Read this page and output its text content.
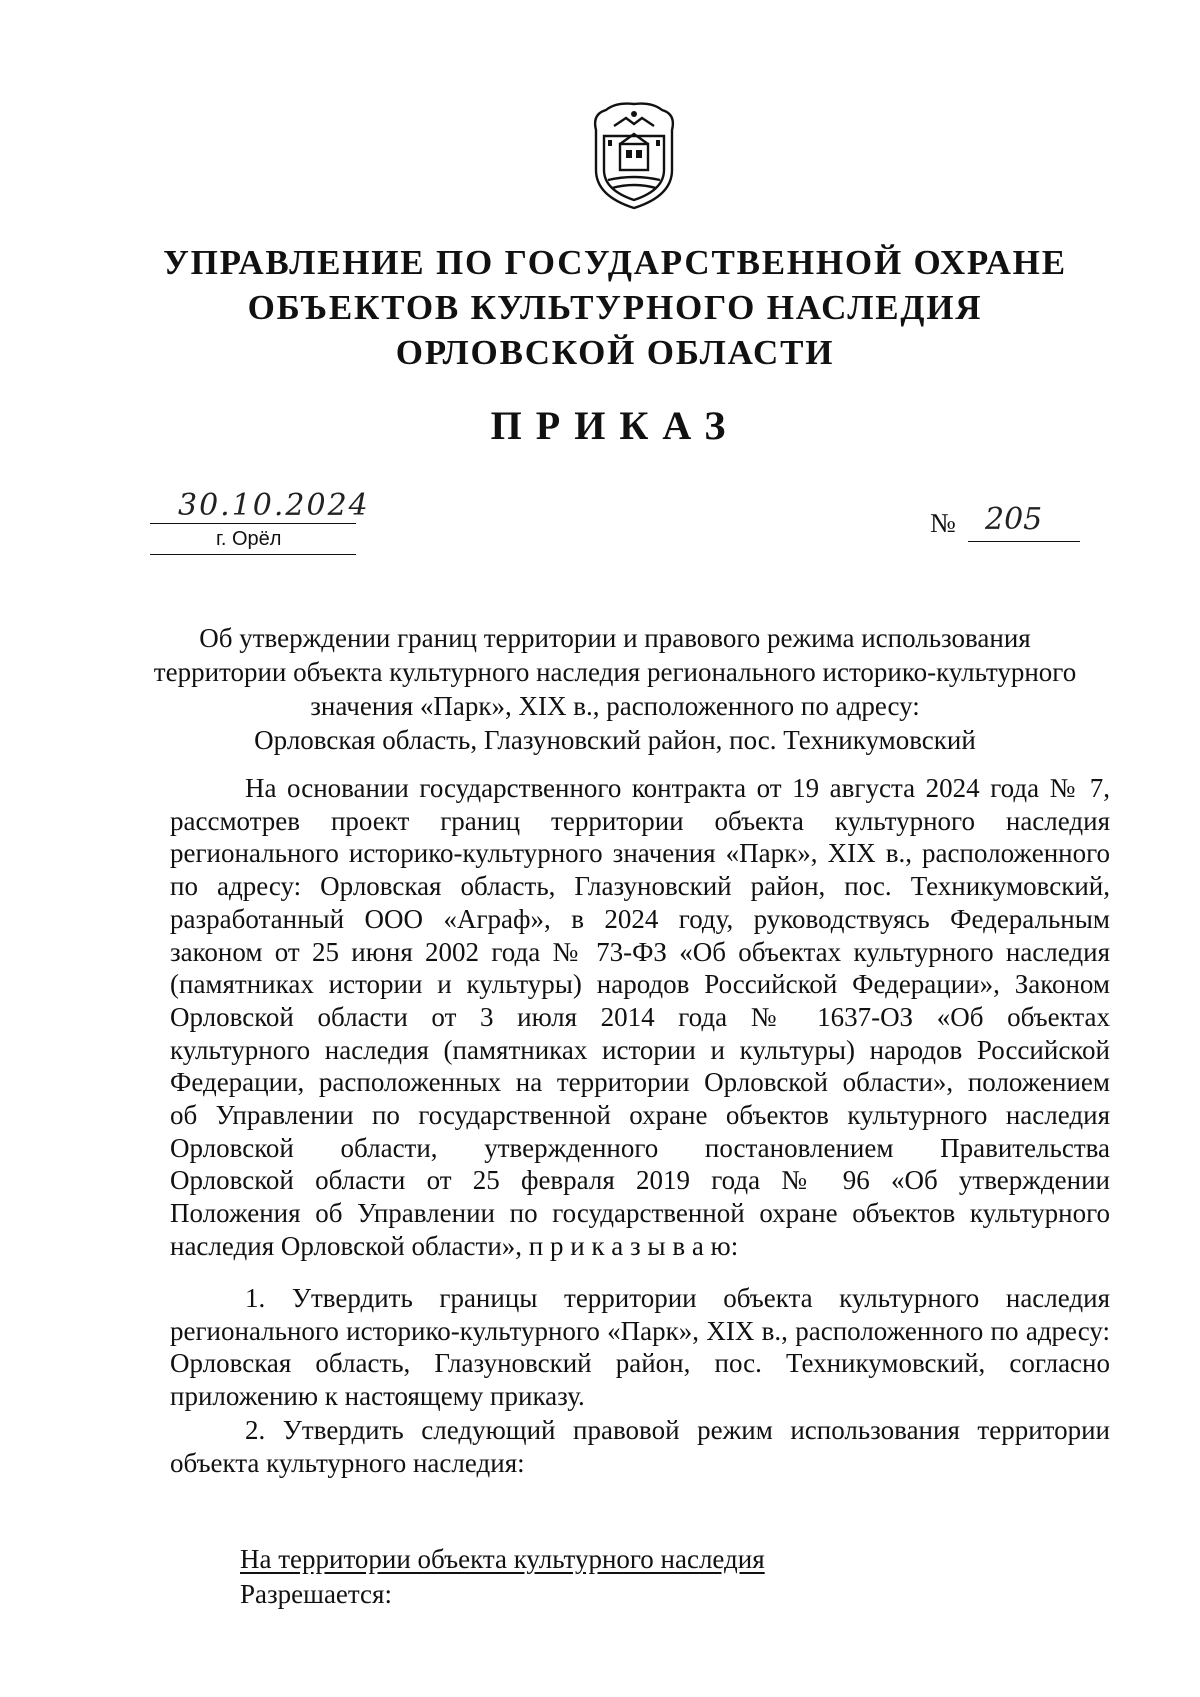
УПРАВЛЕНИЕ ПО ГОСУДАРСТВЕННОЙ ОХРАНЕ
ОБЪЕКТОВ КУЛЬТУРНОГО НАСЛЕДИЯ
ОРЛОВСКОЙ ОБЛАСТИ
ПРИКАЗ
30.10.2024
г. Орёл
№ 205
Об утверждении границ территории и правового режима использования
территории объекта культурного наследия регионального историко-культурного
значения «Парк», XIX в., расположенного по адресу:
Орловская область, Глазуновский район, пос. Техникумовский
На основании государственного контракта от 19 августа 2024 года № 7,
рассмотрев проект границ территории объекта культурного наследия
регионального историко-культурного значения «Парк», XIX в., расположенного
по адресу: Орловская область, Глазуновский район, пос. Техникумовский,
разработанный ООО «Аграф», в 2024 году, руководствуясь Федеральным
законом от 25 июня 2002 года № 73-ФЗ «Об объектах культурного наследия
(памятниках истории и культуры) народов Российской Федерации», Законом
Орловской области от 3 июля 2014 года № 1637-ОЗ «Об объектах
культурного наследия (памятниках истории и культуры) народов Российской
Федерации, расположенных на территории Орловской области», положением
об Управлении по государственной охране объектов культурного наследия
Орловской области, утвержденного постановлением Правительства
Орловской области от 25 февраля 2019 года № 96 «Об утверждении
Положения об Управлении по государственной охране объектов культурного
наследия Орловской области», п р и к а з ы в а ю:
1. Утвердить границы территории объекта культурного наследия
регионального историко-культурного «Парк», XIX в., расположенного по адресу:
Орловская область, Глазуновский район, пос. Техникумовский, согласно
приложению к настоящему приказу.
2. Утвердить следующий правовой режим использования территории
объекта культурного наследия:
На территории объекта культурного наследия
Разрешается:
